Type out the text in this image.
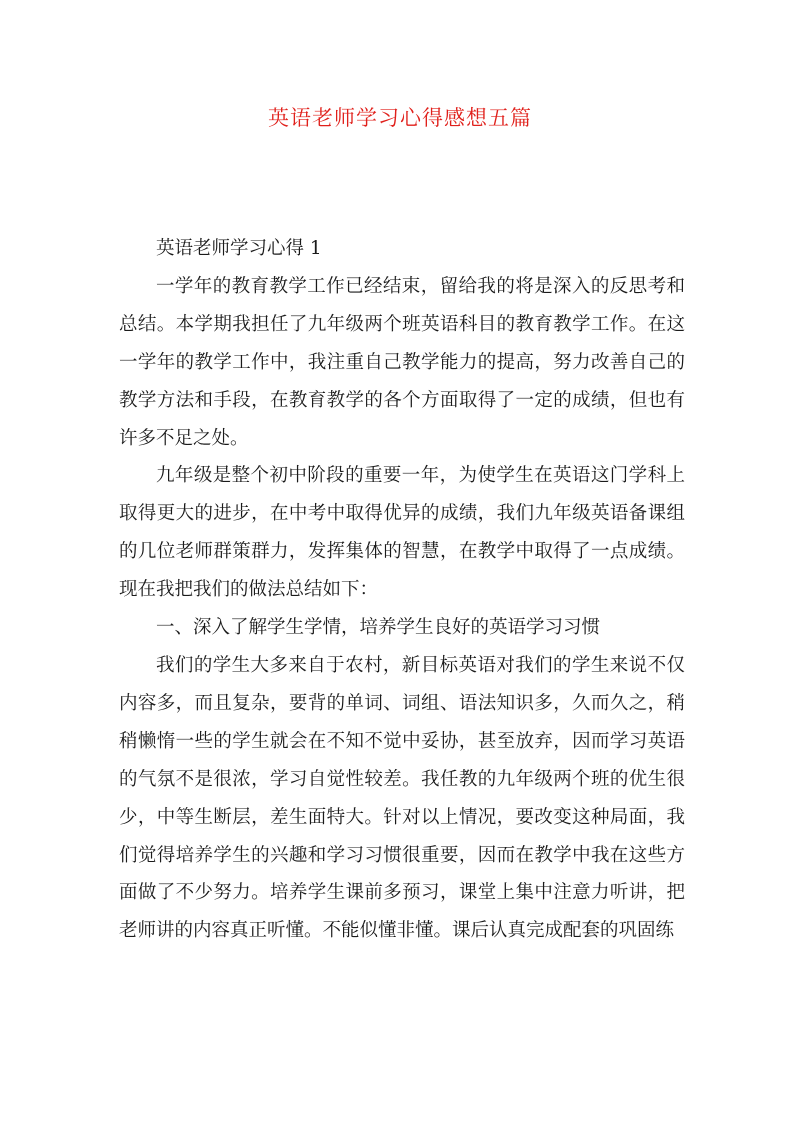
英语老师学习心得感想五篇

英语老师学习心得 1

一学年的教育教学工作已经结束，留给我的将是深入的反思考和总结。本学期我担任了九年级两个班英语科目的教育教学工作。在这一学年的教学工作中，我注重自己教学能力的提高，努力改善自己的教学方法和手段，在教育教学的各个方面取得了一定的成绩，但也有许多不足之处。

九年级是整个初中阶段的重要一年，为使学生在英语这门学科上取得更大的进步，在中考中取得优异的成绩，我们九年级英语备课组的几位老师群策群力，发挥集体的智慧，在教学中取得了一点成绩。现在我把我们的做法总结如下：

一、深入了解学生学情，培养学生良好的英语学习习惯

我们的学生大多来自于农村，新目标英语对我们的学生来说不仅内容多，而且复杂，要背的单词、词组、语法知识多，久而久之，稍稍懒惰一些的学生就会在不知不觉中妥协，甚至放弃，因而学习英语的气氛不是很浓，学习自觉性较差。我任教的九年级两个班的优生很少，中等生断层，差生面特大。针对以上情况，要改变这种局面，我们觉得培养学生的兴趣和学习习惯很重要，因而在教学中我在这些方面做了不少努力。培养学生课前多预习，课堂上集中注意力听讲，把老师讲的内容真正听懂。不能似懂非懂。课后认真完成配套的巩固练
